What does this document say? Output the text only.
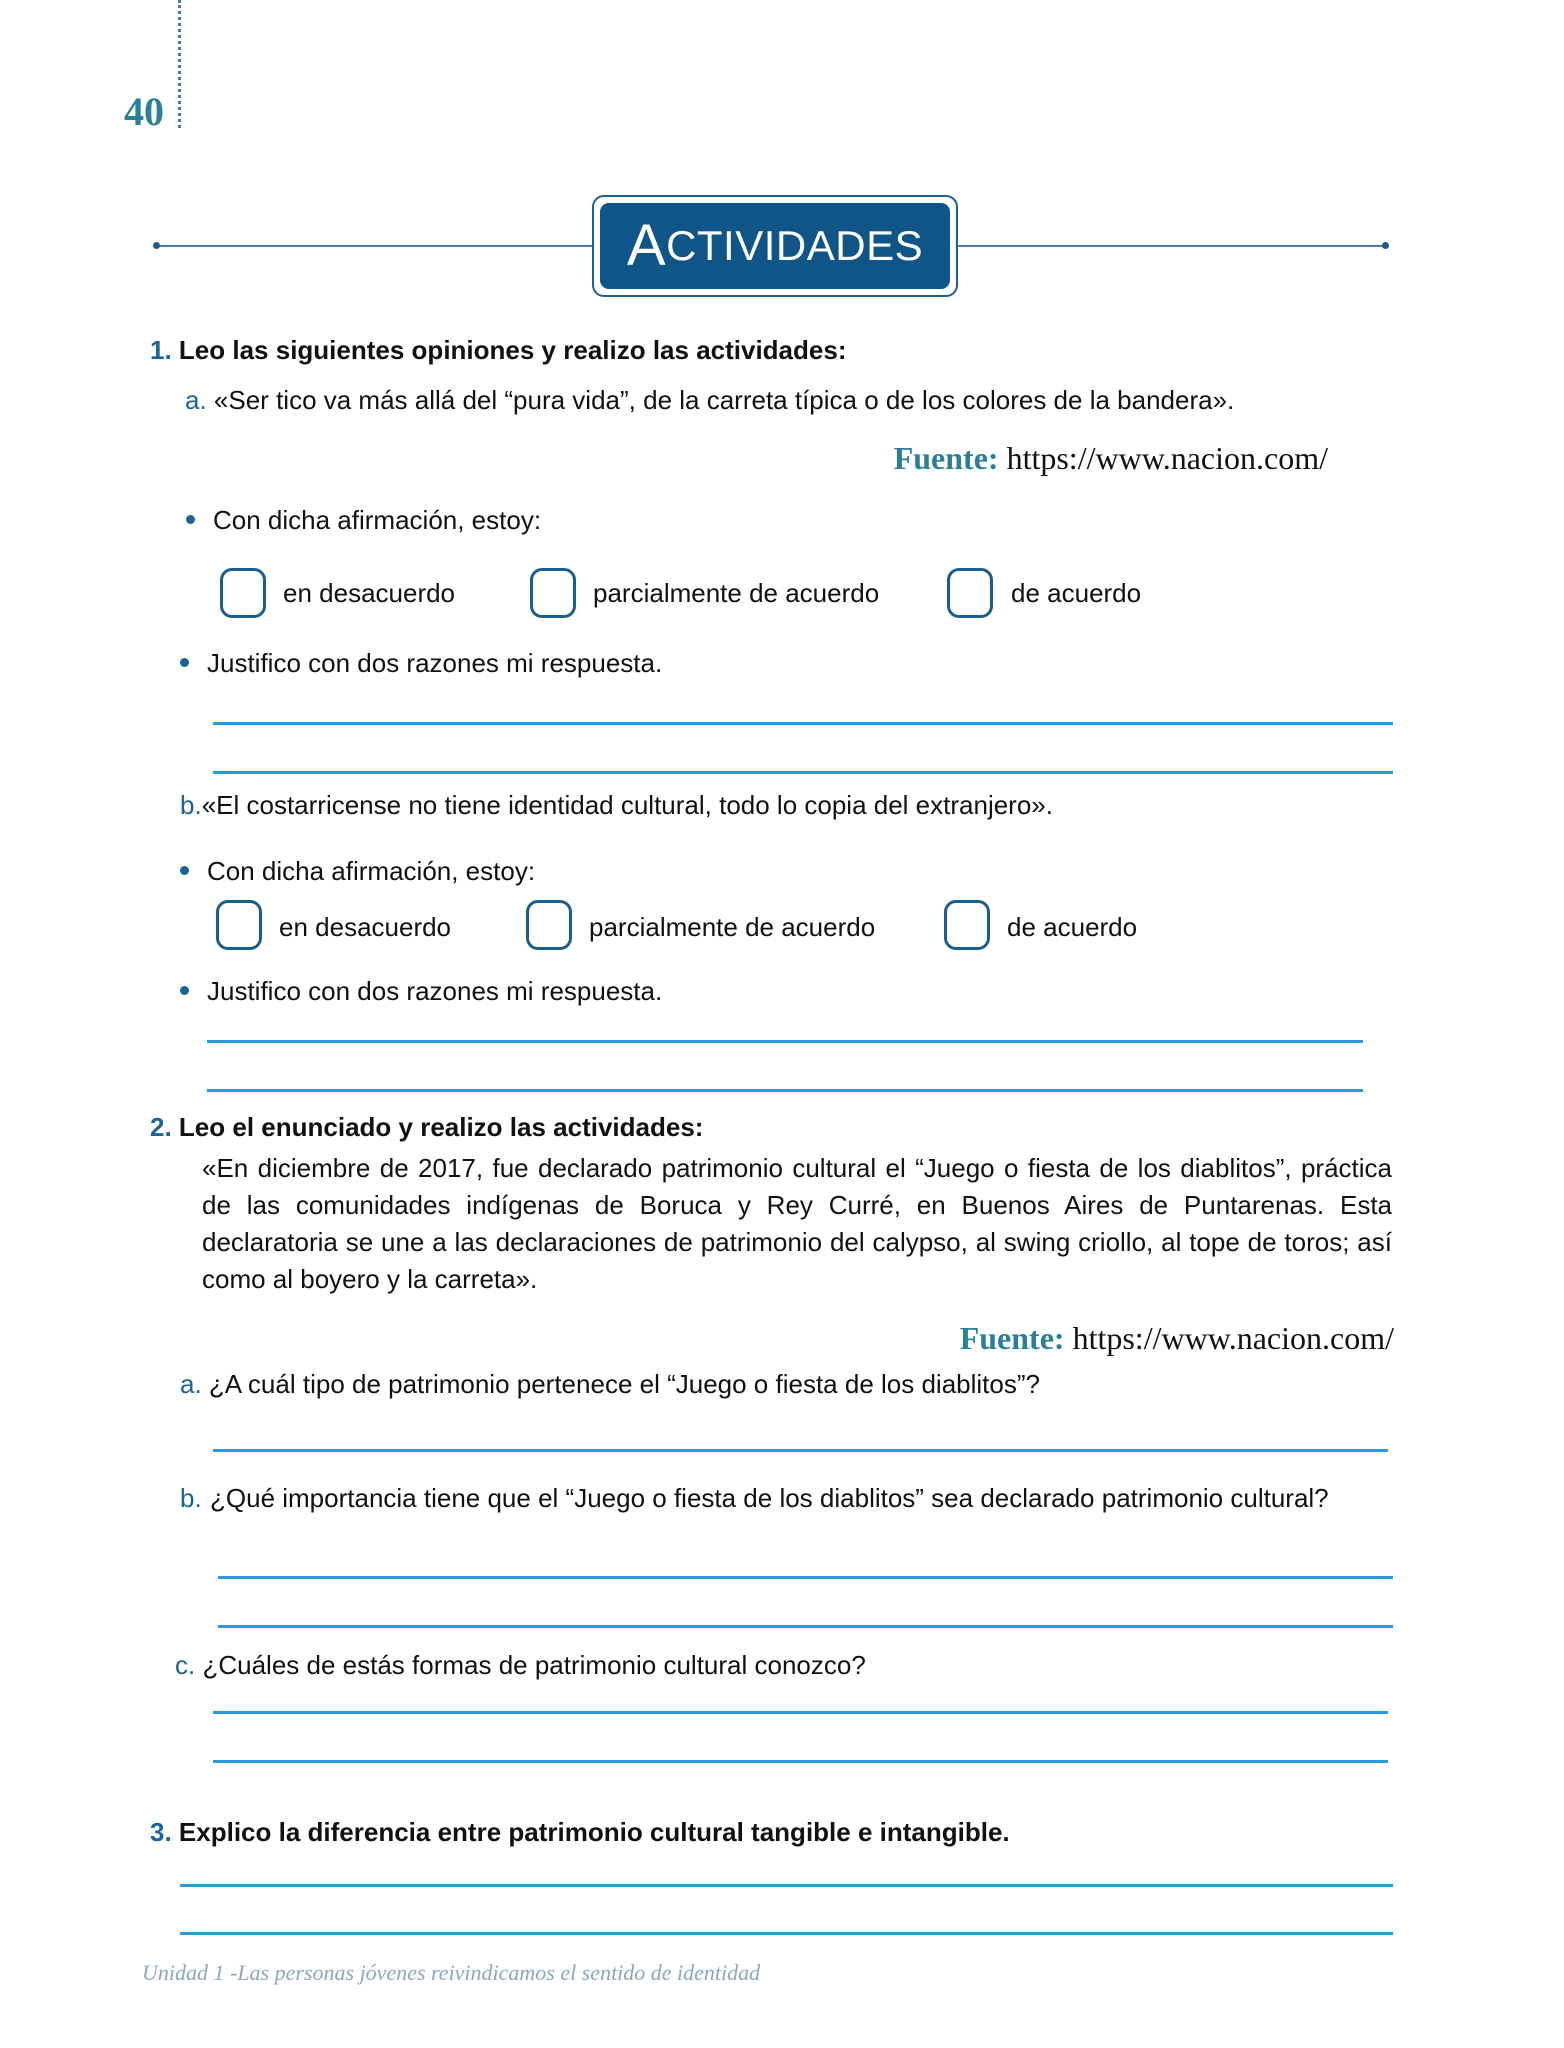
40
A CTIVIDADES
1. Leo las siguientes opiniones y realizo las actividades:
a. «Ser tico va más allá del “pura vida”, de la carreta típica o de los colores de la bandera».
Fuente: https://www.nacion.com/
Con dicha afirmación, estoy:
en desacuerdo	parcialmente de acuerdo	de acuerdo
Justifico con dos razones mi respuesta.
b.«El costarricense no tiene identidad cultural, todo lo copia del extranjero».
Con dicha afirmación, estoy:
en desacuerdo	parcialmente de acuerdo	de acuerdo
Justifico con dos razones mi respuesta.
2. Leo el enunciado y realizo las actividades:
«En diciembre de 2017, fue declarado patrimonio cultural el “Juego o fiesta de los diablitos”, práctica de las comunidades indígenas de Boruca y Rey Curré, en Buenos Aires de Puntarenas. Esta declaratoria se une a las declaraciones de patrimonio del calypso, al swing criollo, al tope de toros; así como al boyero y la carreta».
Fuente: https://www.nacion.com/
a. ¿A cuál tipo de patrimonio pertenece el “Juego o fiesta de los diablitos”?
b. ¿Qué importancia tiene que el “Juego o fiesta de los diablitos” sea declarado patrimonio cultural?
c. ¿Cuáles de estás formas de patrimonio cultural conozco?
3. Explico la diferencia entre patrimonio cultural tangible e intangible.
Unidad 1 -Las personas jóvenes reivindicamos el sentido de identidad
